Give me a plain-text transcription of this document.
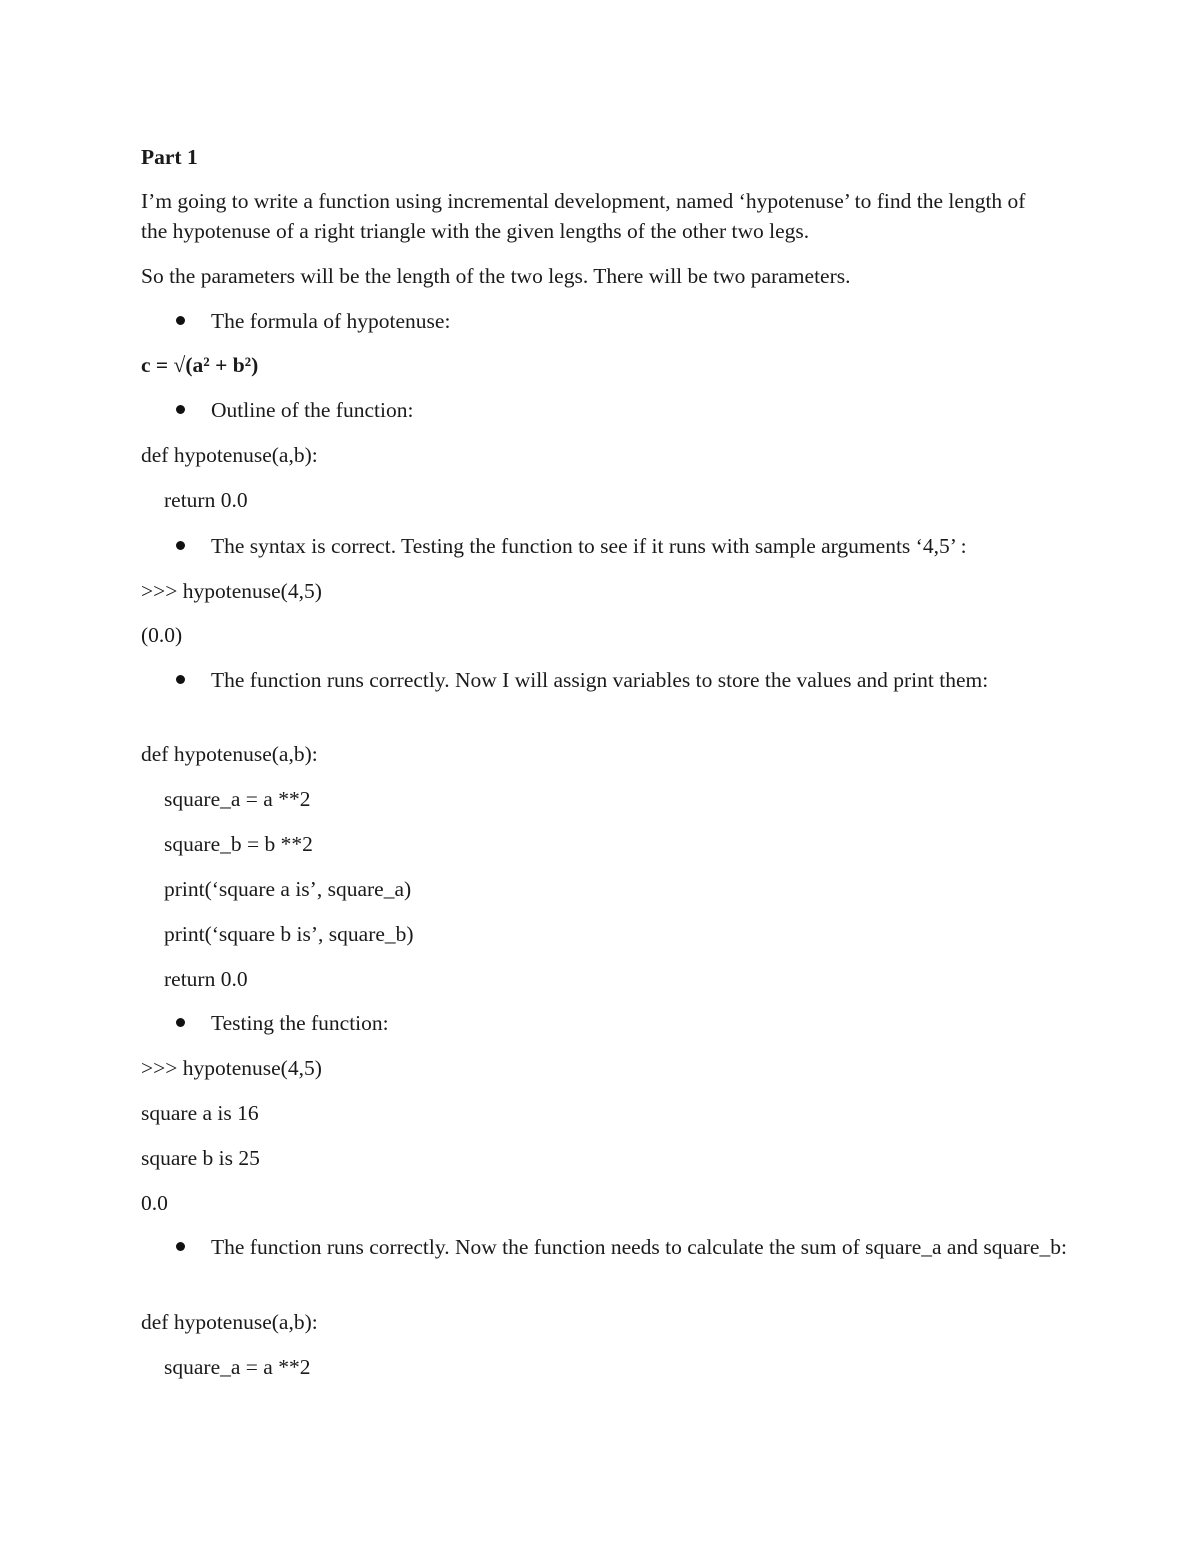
Part 1
I’m going to write a function using incremental development, named ‘hypotenuse’ to find the length of the hypotenuse of a right triangle with the given lengths of the other two legs.
So the parameters will be the length of the two legs. There will be two parameters.
The formula of hypotenuse:
c = √(a² + b²)
Outline of the function:
def hypotenuse(a,b):
return 0.0
The syntax is correct. Testing the function to see if it runs with sample arguments ‘4,5’ :
>>> hypotenuse(4,5)
(0.0)
The function runs correctly. Now I will assign variables to store the values and print them:
def hypotenuse(a,b):
square_a = a **2
square_b = b **2
print(‘square a is’, square_a)
print(‘square b is’, square_b)
return 0.0
Testing the function:
>>> hypotenuse(4,5)
square a is 16
square b is 25
0.0
The function runs correctly. Now the function needs to calculate the sum of square_a and square_b:
def hypotenuse(a,b):
square_a = a **2
